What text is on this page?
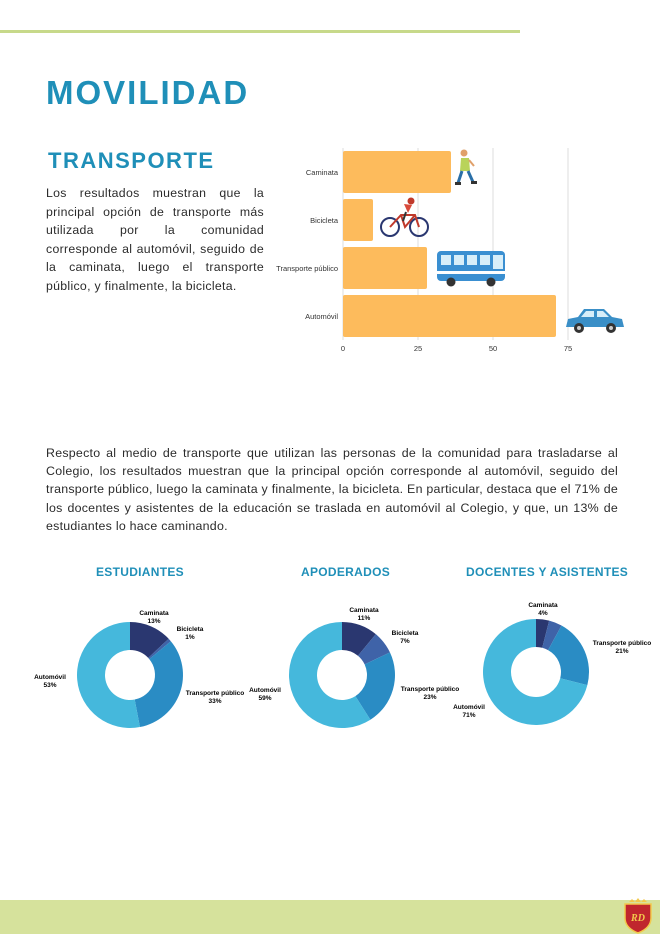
MOVILIDAD
TRANSPORTE

Los resultados muestran que la principal opción de transporte más utilizada por la comunidad corresponde al automóvil, seguido de la caminata, luego el transporte público, y finalmente, la bicicleta.

Caminata
Bicicleta
Transporte público
Automóvil
0	25	50	75

Respecto al medio de transporte que utilizan las personas de la comunidad para trasladarse al Colegio, los resultados muestran que la principal opción corresponde al automóvil, seguido del transporte público, luego la caminata y finalmente, la bicicleta. En particular, destaca que el 71% de los docentes y asistentes de la educación se traslada en automóvil al Colegio, y que, un 13% de estudiantes lo hace caminando.

ESTUDIANTES
Caminata
13%
Bicicleta
1%
Transporte público
33%
Automóvil
53%
APODERADOS
Caminata
11%
Bicicleta
7%
Transporte público
23%
Automóvil
59%
DOCENTES Y ASISTENTES
Caminata
4%
Transporte público
21%
Automóvil
71%
RD
